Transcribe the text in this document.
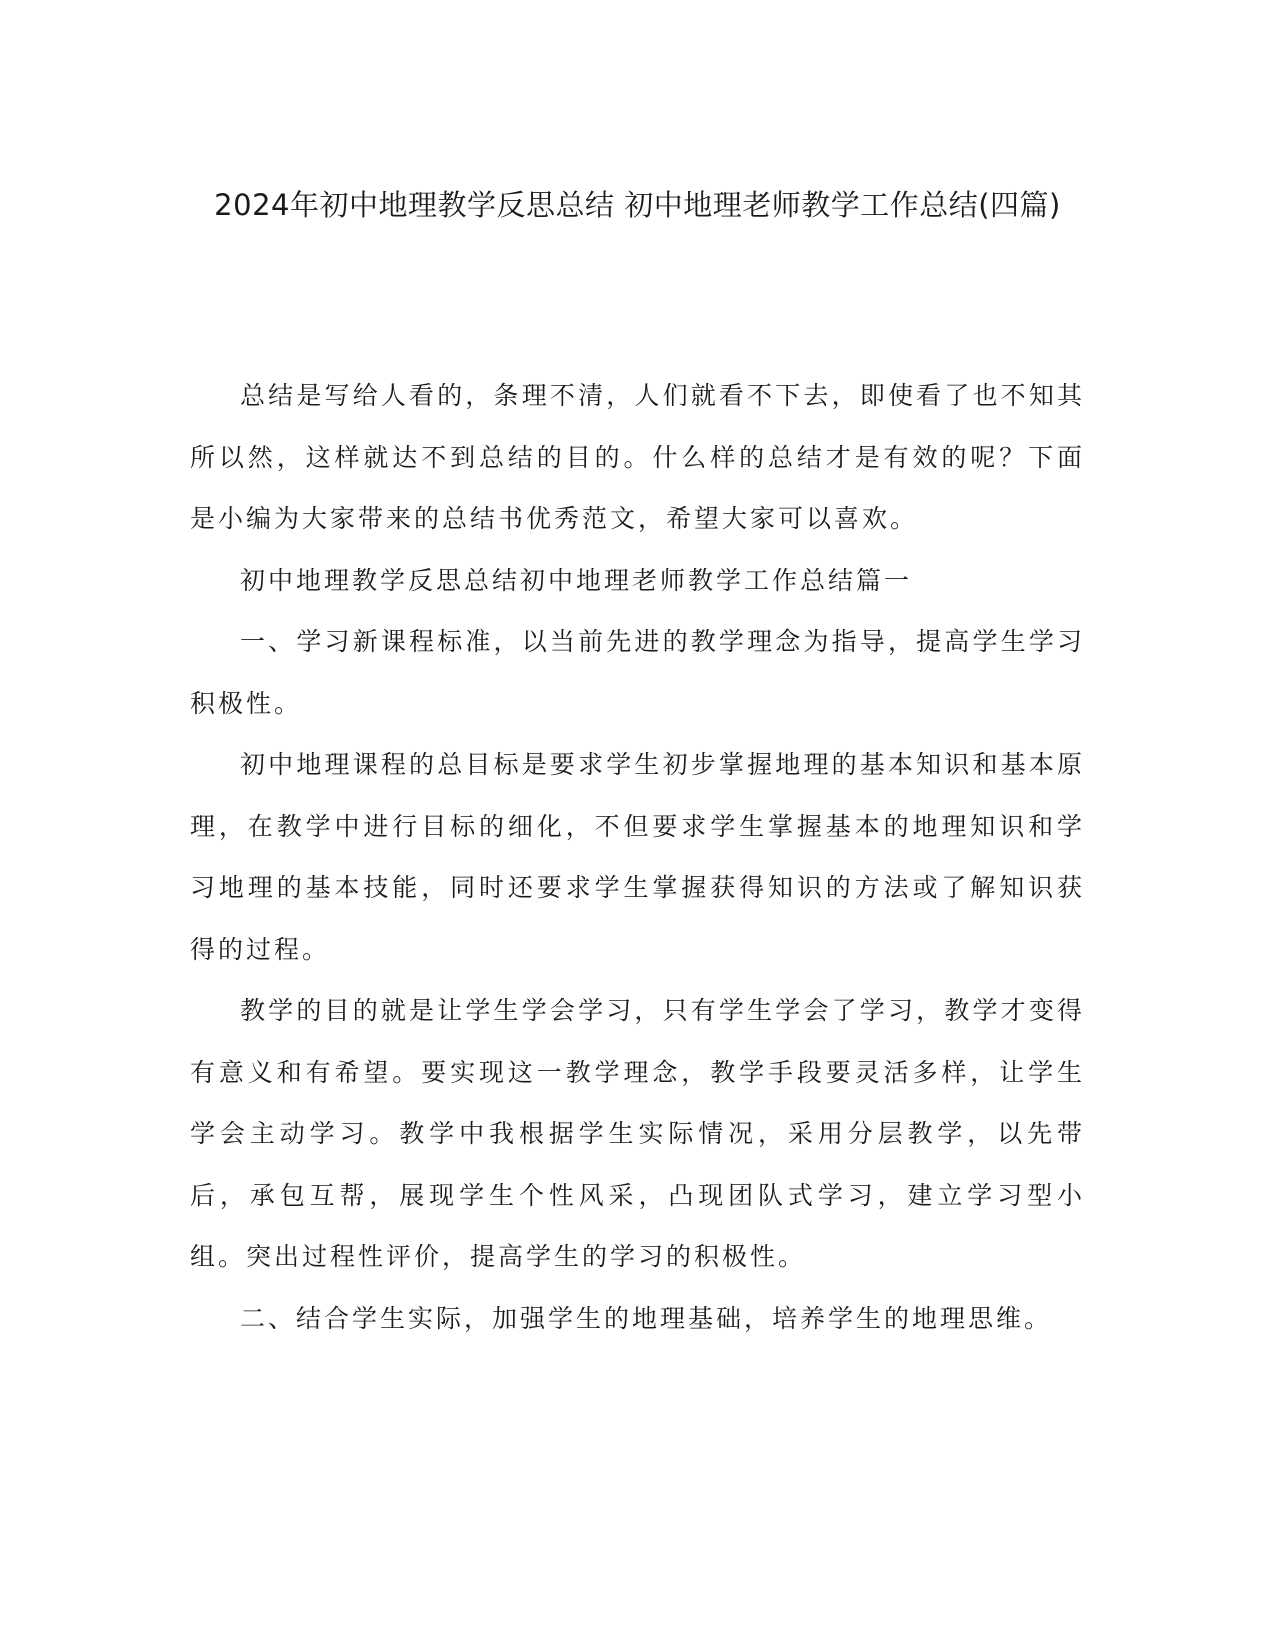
2024年初中地理教学反思总结 初中地理老师教学工作总结(四篇)

总结是写给人看的，条理不清，人们就看不下去，即使看了也不知其所以然，这样就达不到总结的目的。什么样的总结才是有效的呢？下面是小编为大家带来的总结书优秀范文，希望大家可以喜欢。

初中地理教学反思总结初中地理老师教学工作总结篇一

一、学习新课程标准，以当前先进的教学理念为指导，提高学生学习积极性。

初中地理课程的总目标是要求学生初步掌握地理的基本知识和基本原理，在教学中进行目标的细化，不但要求学生掌握基本的地理知识和学习地理的基本技能，同时还要求学生掌握获得知识的方法或了解知识获得的过程。

教学的目的就是让学生学会学习，只有学生学会了学习，教学才变得有意义和有希望。要实现这一教学理念，教学手段要灵活多样，让学生学会主动学习。教学中我根据学生实际情况，采用分层教学，以先带后，承包互帮，展现学生个性风采，凸现团队式学习，建立学习型小组。突出过程性评价，提高学生的学习的积极性。

二、结合学生实际，加强学生的地理基础，培养学生的地理思维。
